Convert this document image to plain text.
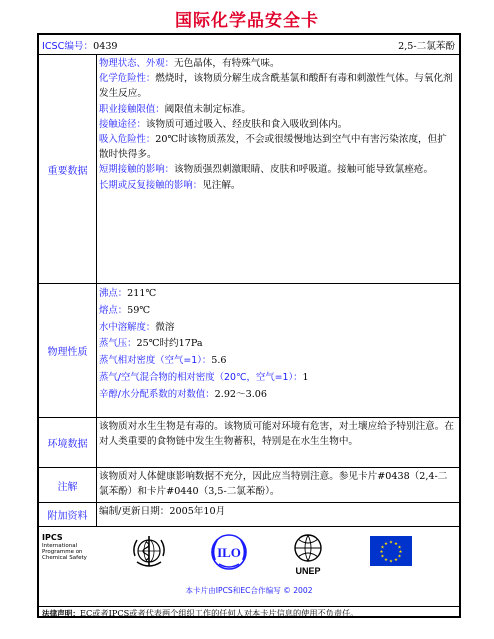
国际化学品安全卡
ICSC编号：0439	2,5-二氯苯酚
重要数据
物理状态、外观：无色晶体，有特殊气味。
化学危险性：燃烧时，该物质分解生成含酰基氯和酸酐有毒和刺激性气体。与氧化剂发生反应。
职业接触限值：阈限值未制定标准。
接触途径：该物质可通过吸入、经皮肤和食入吸收到体内。
吸入危险性：20℃时该物质蒸发，不会或很缓慢地达到空气中有害污染浓度，但扩散时快得多。
短期接触的影响：该物质强烈刺激眼睛、皮肤和呼吸道。接触可能导致氯痤疮。
长期或反复接触的影响：见注解。
物理性质
沸点：211℃
熔点：59℃
水中溶解度：微溶
蒸气压：25℃时约17Pa
蒸气相对密度（空气=1）：5.6
蒸气/空气混合物的相对密度（20℃，空气=1）：1
辛醇/水分配系数的对数值：2.92～3.06
环境数据
该物质对水生生物是有毒的。该物质可能对环境有危害，对土壤应给予特别注意。在对人类重要的食物链中发生生物蓄积，特别是在水生生物中。
注解
该物质对人体健康影响数据不充分，因此应当特别注意。参见卡片#0438（2,4-二氯苯酚）和卡片#0440（3,5-二氯苯酚）。
附加资料 编制/更新日期：2005年10月
IPCS
International
Programme on
Chemical Safety	ILO
UNEP
★ ★
★
★
★
★
★
★
★
★
★
★
本卡片由IPCS和EC合作编写 © 2002
法律声明：EC或者IPCS或者代表两个组织工作的任何人对本卡片信息的使用不负责任。
